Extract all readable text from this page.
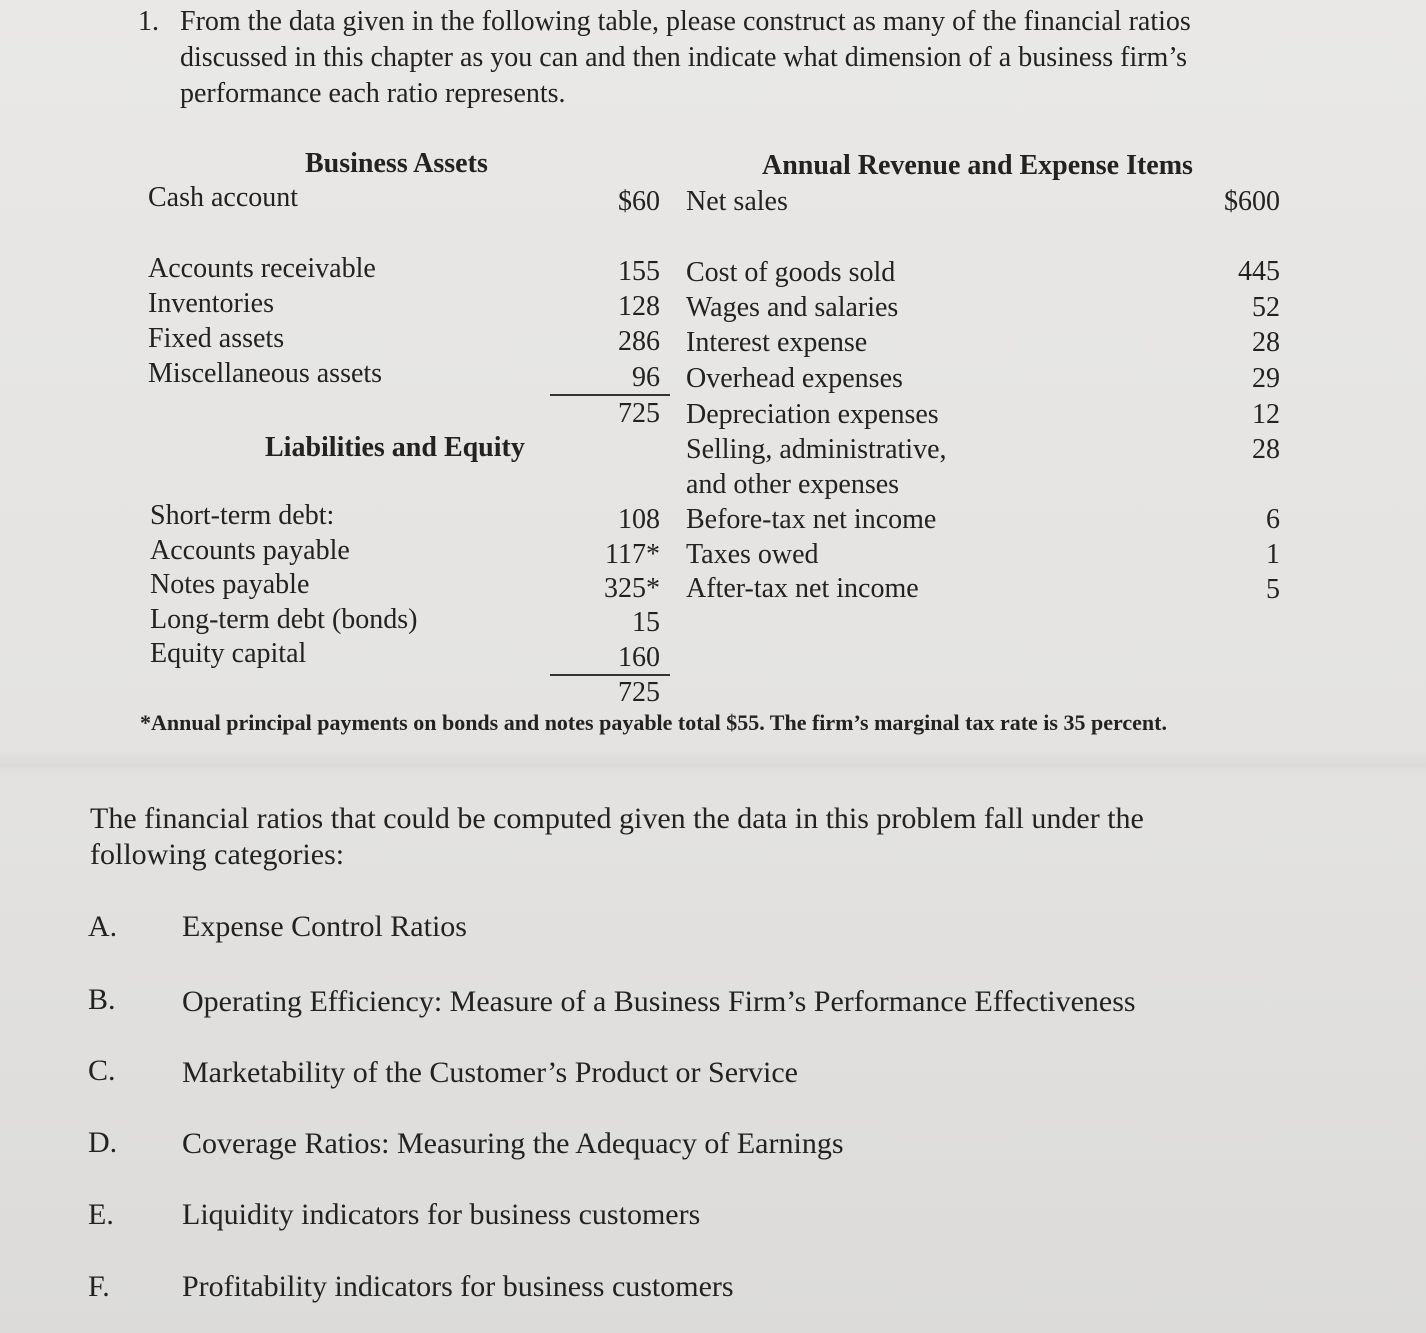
1. From the data given in the following table, please construct as many of the financial ratios
discussed in this chapter as you can and then indicate what dimension of a business firm’s
performance each ratio represents.
Business Assets
Cash account	$60
Accounts receivable	155
Inventories	128
Fixed assets	286
Miscellaneous assets	96
725
Liabilities and Equity
Short-term debt:	108
Accounts payable	117*
Notes payable	325*
Long-term debt (bonds)	15
Equity capital	160
725
Annual Revenue and Expense Items
Net sales	$600
Cost of goods sold	445
Wages and salaries	52
Interest expense	28
Overhead expenses	29
Depreciation expenses	12
Selling, administrative,
and other expenses
28
Before-tax net income	6
Taxes owed	1
After-tax net income	5
*Annual principal payments on bonds and notes payable total $55. The firm’s marginal tax rate is 35 percent.
The financial ratios that could be computed given the data in this problem fall under the
following categories:
A. Expense Control Ratios
B. Operating Efficiency: Measure of a Business Firm’s Performance Effectiveness
C. Marketability of the Customer’s Product or Service
D. Coverage Ratios: Measuring the Adequacy of Earnings
E. Liquidity indicators for business customers
F. Profitability indicators for business customers
